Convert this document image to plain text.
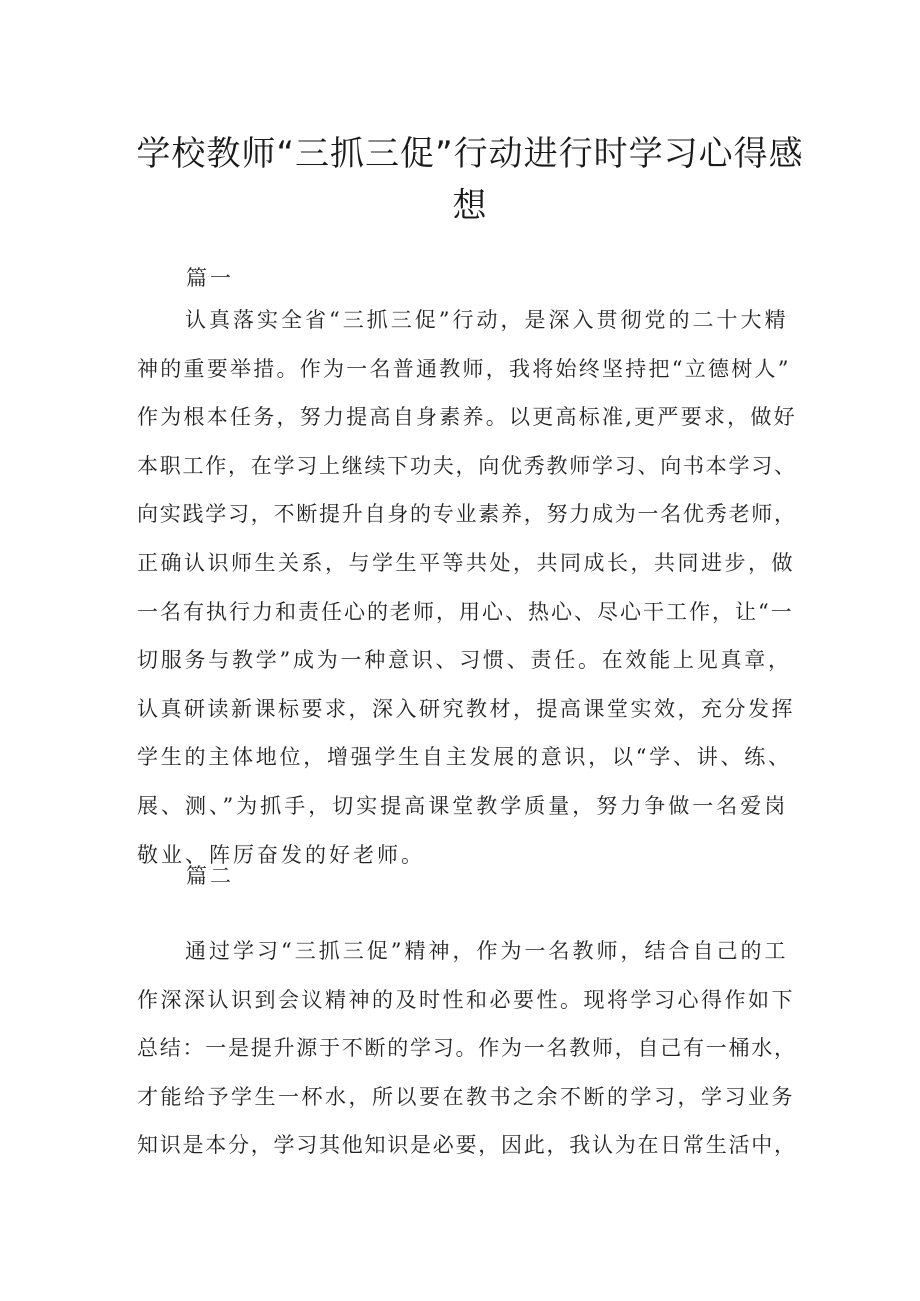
学校教师“三抓三促”行动进行时学习心得感
想
篇一
　　认真落实全省“三抓三促”行动，是深入贯彻党的二十大精
神的重要举措。作为一名普通教师，我将始终坚持把“立德树人”
作为根本任务，努力提高自身素养。以更高标准,更严要求，做好
本职工作，在学习上继续下功夫，向优秀教师学习、向书本学习、
向实践学习，不断提升自身的专业素养，努力成为一名优秀老师，
正确认识师生关系，与学生平等共处，共同成长，共同进步，做
一名有执行力和责任心的老师，用心、热心、尽心干工作，让“一
切服务与教学”成为一种意识、习惯、责任。在效能上见真章，
认真研读新课标要求，深入研究教材，提高课堂实效，充分发挥
学生的主体地位，增强学生自主发展的意识，以“学、讲、练、
展、测、”为抓手，切实提高课堂教学质量，努力争做一名爱岗
敬业、阵厉奋发的好老师。
篇二
　　通过学习“三抓三促”精神，作为一名教师，结合自己的工
作深深认识到会议精神的及时性和必要性。现将学习心得作如下
总结：一是提升源于不断的学习。作为一名教师，自己有一桶水，
才能给予学生一杯水，所以要在教书之余不断的学习，学习业务
知识是本分，学习其他知识是必要，因此，我认为在日常生活中，
